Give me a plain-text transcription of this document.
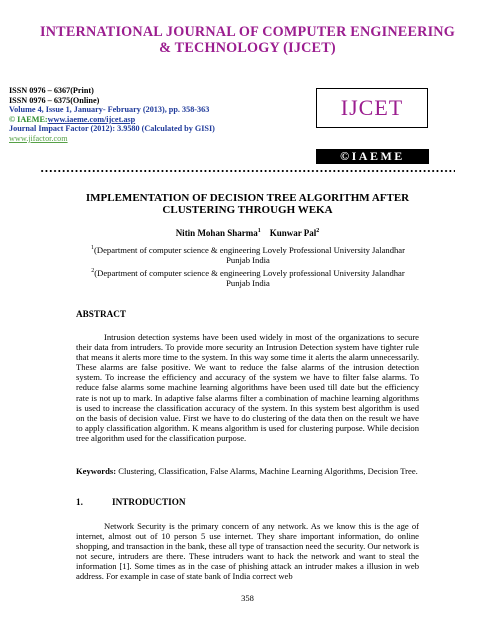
INTERNATIONAL JOURNAL OF COMPUTER ENGINEERING
& TECHNOLOGY (IJCET)
ISSN 0976 – 6367(Print)
ISSN 0976 – 6375(Online)
Volume 4, Issue 1, January- February (2013), pp. 358-363
© IAEME:www.iaeme.com/ijcet.asp
Journal Impact Factor (2012): 3.9580 (Calculated by GISI)
www.jifactor.com
IJCET
©IAEME
IMPLEMENTATION OF DECISION TREE ALGORITHM AFTER
CLUSTERING THROUGH WEKA
Nitin Mohan Sharma$^1$ Kunwar Pal$^2$
$^1$(Department of computer science & engineering Lovely Professional University Jalandhar
Punjab India
$^2$(Department of computer science & engineering Lovely professional University Jalandhar
Punjab India
ABSTRACT
Intrusion detection systems have been used widely in most of the organizations to secure their data from intruders. To provide more security an Intrusion Detection system have tighter rule that means it alerts more time to the system. In this way some time it alerts the alarm unnecessarily. These alarms are false positive. We want to reduce the false alarms of the intrusion detection system. To increase the efficiency and accuracy of the system we have to filter false alarms. To reduce false alarms some machine learning algorithms have been used till date but the efficiency rate is not up to mark. In adaptive false alarms filter a combination of machine learning algorithms is used to increase the classification accuracy of the system. In this system best algorithm is used on the basis of decision value. First we have to do clustering of the data then on the result we have to apply classification algorithm. K means algorithm is used for clustering purpose. While decision tree algorithm used for the classification purpose.
Keywords: Clustering, Classification, False Alarms, Machine Learning Algorithms, Decision Tree.
1.	INTRODUCTION
Network Security is the primary concern of any network. As we know this is the age of internet, almost out of 10 person 5 use internet. They share important information, do online shopping, and transaction in the bank, these all type of transaction need the security. Our network is not secure, intruders are there. These intruders want to hack the network and want to steal the information [1]. Some times as in the case of phishing attack an intruder makes a illusion in web address. For example in case of state bank of India correct web
358
